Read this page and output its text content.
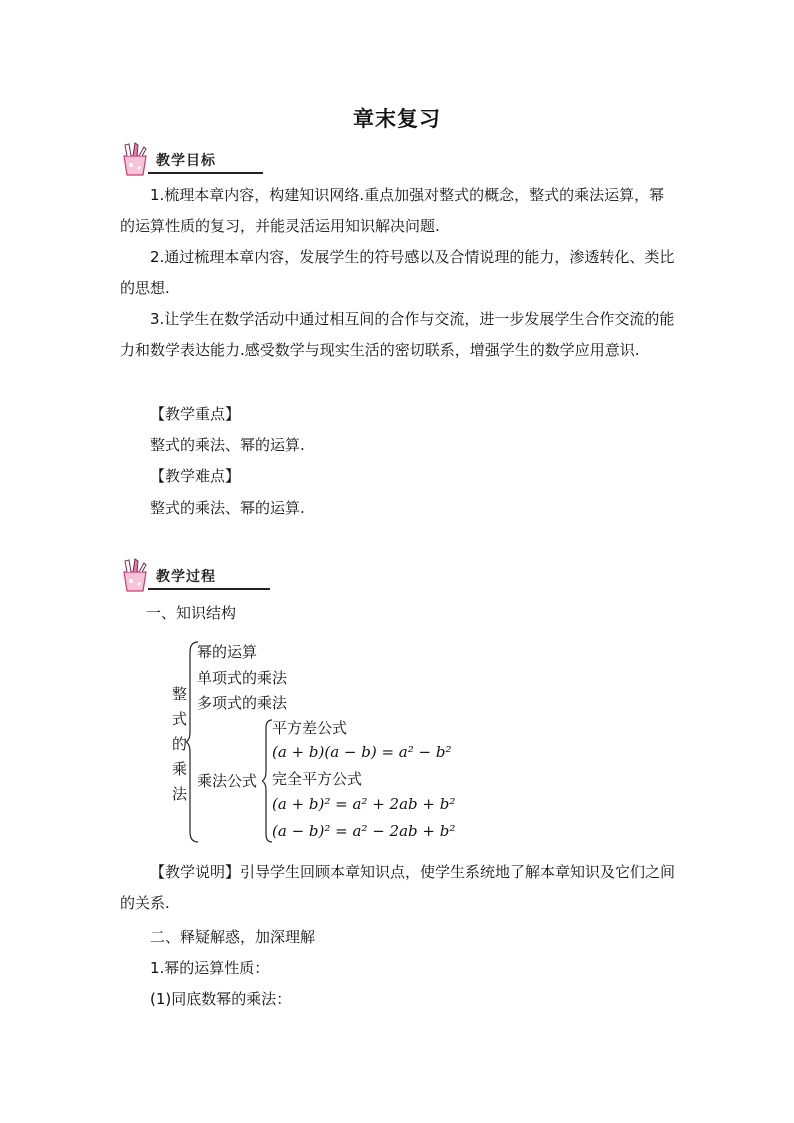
章末复习
教学目标

1.梳理本章内容，构建知识网络.重点加强对整式的概念，整式的乘法运算，幂的运算性质的复习，并能灵活运用知识解决问题.

2.通过梳理本章内容，发展学生的符号感以及合情说理的能力，渗透转化、类比的思想.

3.让学生在数学活动中通过相互间的合作与交流，进一步发展学生合作交流的能力和数学表达能力.感受数学与现实生活的密切联系，增强学生的数学应用意识.

【教学重点】
整式的乘法、幂的运算.
【教学难点】
整式的乘法、幂的运算.
教学过程
一、知识结构
整
式
的
乘
法
幂的运算
单项式的乘法
多项式的乘法
乘法公式
平方差公式
(a + b)(a − b) = a² − b²
完全平方公式
(a + b)² = a² + 2ab + b²
(a − b)² = a² − 2ab + b²

【教学说明】引导学生回顾本章知识点，使学生系统地了解本章知识及它们之间的关系.

二、释疑解惑，加深理解
1.幂的运算性质：
(1)同底数幂的乘法：
